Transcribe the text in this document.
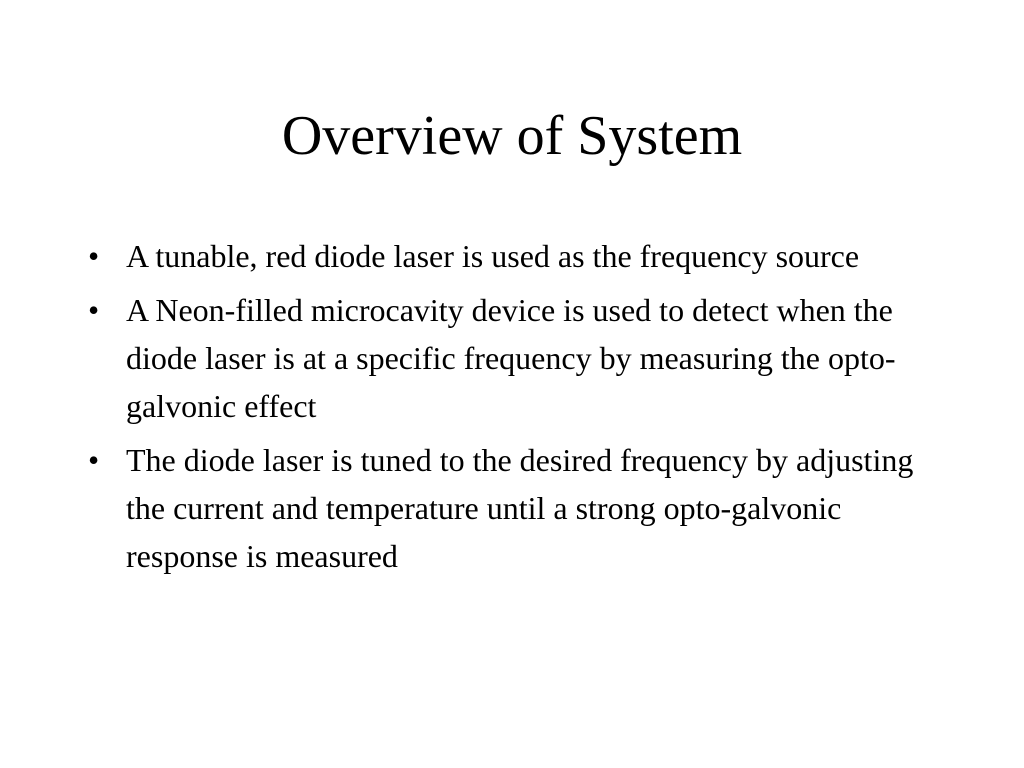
Overview of System
• A tunable, red diode laser is used as the frequency source
• A Neon-filled microcavity device is used to detect when the diode laser is at a specific frequency by measuring the opto-galvonic effect
• The diode laser is tuned to the desired frequency by adjusting the current and temperature until a strong opto-galvonic response is measured
